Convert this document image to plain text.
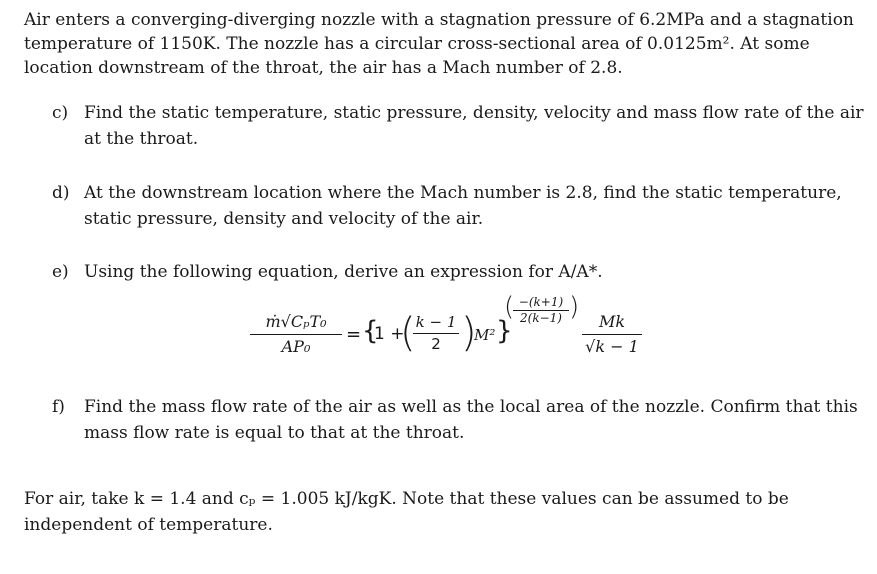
Air enters a converging-diverging nozzle with a stagnation pressure of 6.2MPa and a stagnation temperature of 1150K. The nozzle has a circular cross-sectional area of 0.0125m². At some location downstream of the throat, the air has a Mach number of 2.8.
c) Find the static temperature, static pressure, density, velocity and mass flow rate of the air at the throat.
d) At the downstream location where the Mach number is 2.8, find the static temperature, static pressure, density and velocity of the air.
e) Using the following equation, derive an expression for A/A*.
ṁ√CₚT₀
AP₀
= {
1 +
( k − 1
2 )
M² }
( −(k+1)
2(k−1) )	Mk
√k − 1
f)	Find the mass flow rate of the air as well as the local area of the nozzle. Confirm that this mass flow rate is equal to that at the throat.
For air, take k = 1.4 and cₚ = 1.005 kJ/kgK. Note that these values can be assumed to be independent of temperature.
